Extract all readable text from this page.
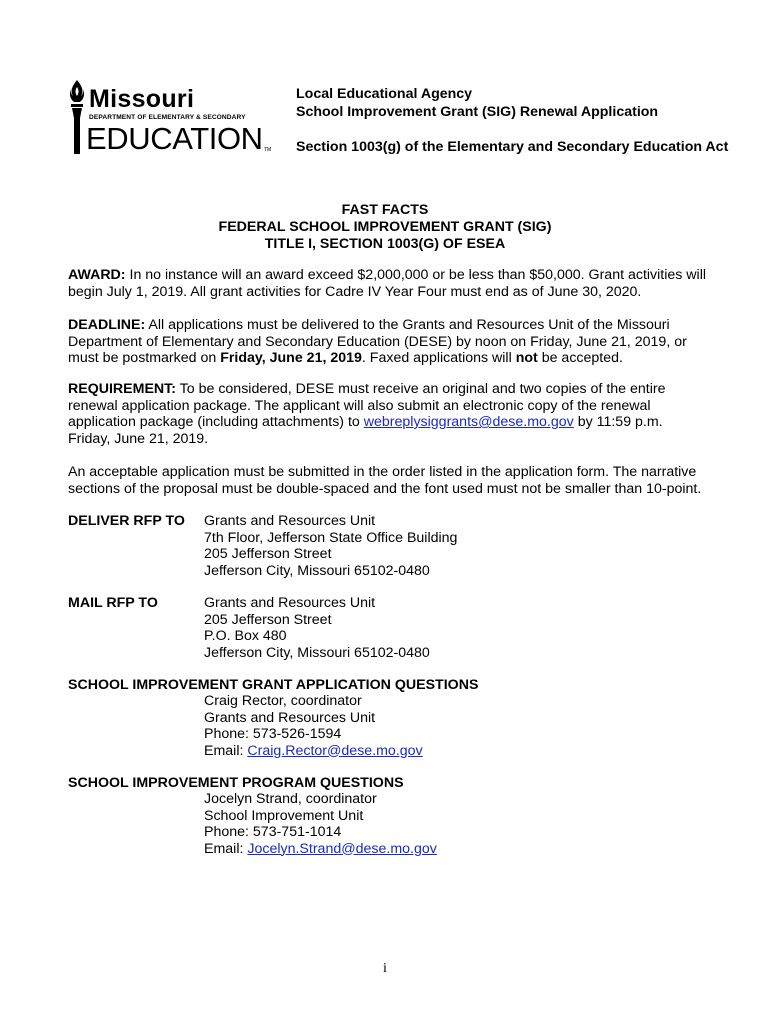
Missouri
DEPARTMENT OF ELEMENTARY & SECONDARY
EDUCATION TM
Local Educational Agency
School Improvement Grant (SIG) Renewal Application
Section 1003(g) of the Elementary and Secondary Education Act
FAST FACTS
FEDERAL SCHOOL IMPROVEMENT GRANT (SIG)
TITLE I, SECTION 1003(G) OF ESEA
AWARD: In no instance will an award exceed $2,000,000 or be less than $50,000. Grant activities will begin July 1, 2019. All grant activities for Cadre IV Year Four must end as of June 30, 2020.
DEADLINE: All applications must be delivered to the Grants and Resources Unit of the Missouri Department of Elementary and Secondary Education (DESE) by noon on Friday, June 21, 2019, or must be postmarked on Friday, June 21, 2019. Faxed applications will not be accepted.
REQUIREMENT: To be considered, DESE must receive an original and two copies of the entire renewal application package. The applicant will also submit an electronic copy of the renewal application package (including attachments) to webreplysiggrants@dese.mo.gov by 11:59 p.m. Friday, June 21, 2019.
An acceptable application must be submitted in the order listed in the application form. The narrative sections of the proposal must be double-spaced and the font used must not be smaller than 10-point.
DELIVER RFP TO Grants and Resources Unit
7th Floor, Jefferson State Office Building
205 Jefferson Street
Jefferson City, Missouri 65102-0480
MAIL RFP TO	Grants and Resources Unit
205 Jefferson Street
P.O. Box 480
Jefferson City, Missouri 65102-0480
SCHOOL IMPROVEMENT GRANT APPLICATION QUESTIONS
Craig Rector, coordinator
Grants and Resources Unit
Phone: 573-526-1594
Email: Craig.Rector@dese.mo.gov
SCHOOL IMPROVEMENT PROGRAM QUESTIONS
Jocelyn Strand, coordinator
School Improvement Unit
Phone: 573-751-1014
Email: Jocelyn.Strand@dese.mo.gov
i
